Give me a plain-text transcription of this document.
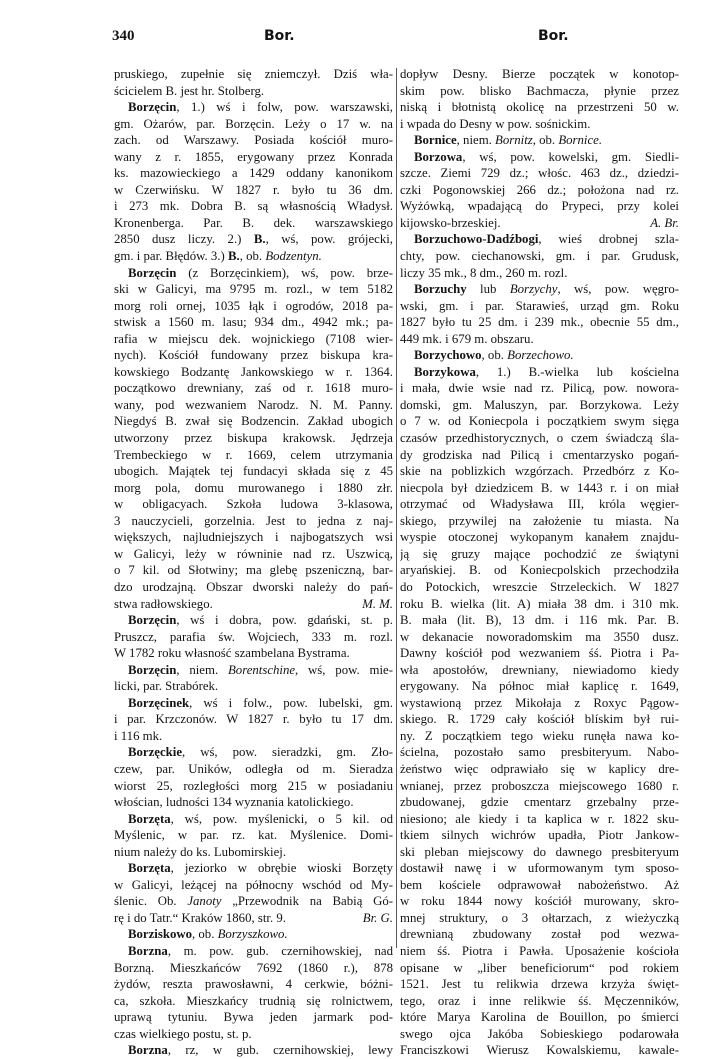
340	Bor.	Bor.
pruskiego, zupełnie się zniemczył. Dziś wła-
ścicielem B. jest hr. Stolberg.
Borzęcin, 1.) wś i folw, pow. warszawski,
gm. Ożarów, par. Borzęcin. Leży o 17 w. na
zach. od Warszawy. Posiada kościół muro-
wany z r. 1855, erygowany przez Konrada
ks. mazowieckiego a 1429 oddany kanonikom
w Czerwińsku. W 1827 r. było tu 36 dm.
i 273 mk. Dobra B. są własnością Władysł.
Kronenberga. Par. B. dek. warszawskiego
2850 dusz liczy. 2.) B., wś, pow. grójecki,
gm. i par. Błędów. 3.) B., ob. Bodzentyn.
Borzęcin (z Borzęcinkiem), wś, pow. brze-
ski w Galicyi, ma 9795 m. rozl., w tem 5182
morg roli ornej, 1035 łąk i ogrodów, 2018 pa-
stwisk a 1560 m. lasu; 934 dm., 4942 mk.; pa-
rafia w miejscu dek. wojnickiego (7108 wier-
nych). Kościół fundowany przez biskupa kra-
kowskiego Bodzantę Jankowskiego w r. 1364.
początkowo drewniany, zaś od r. 1618 muro-
wany, pod wezwaniem Narodz. N. M. Panny.
Niegdyś B. zwał się Bodzencin. Zakład ubogich
utworzony przez biskupa krakowsk. Jędrzeja
Trembeckiego w r. 1669, celem utrzymania
ubogich. Majątek tej fundacyi składa się z 45
morg pola, domu murowanego i 1880 złr.
w obligacyach. Szkoła ludowa 3-klasowa,
3 nauczycieli, gorzelnia. Jest to jedna z naj-
większych, najludniejszych i najbogatszych wsi
w Galicyi, leży w równinie nad rz. Uszwicą,
o 7 kil. od Słotwiny; ma glebę pszeniczną, bar-
dzo urodzajną. Obszar dworski należy do pań-
M. M.
stwa radłowskiego.
Borzęcin, wś i dobra, pow. gdański, st. p.
Pruszcz, parafia św. Wojciech, 333 m. rozl.
W 1782 roku własność szambelana Bystrama.
Borzęcin, niem. Borentschine, wś, pow. mie-
licki, par. Strabórek.
Borzęcinek, wś i folw., pow. lubelski, gm.
i par. Krzczonów. W 1827 r. było tu 17 dm.
i 116 mk.
Borzęckie, wś, pow. sieradzki, gm. Zło-
czew, par. Uników, odległa od m. Sieradza
wiorst 25, rozległości morg 215 w posiadaniu
włościan, ludności 134 wyznania katolickiego.
Borzęta, wś, pow. myślenicki, o 5 kil. od
Myślenic, w par. rz. kat. Myślenice. Domi-
nium należy do ks. Lubomirskiej.
Borzęta, jeziorko w obrębie wioski Borzęty
w Galicyi, leżącej na północny wschód od My-
ślenic. Ob. Janoty „Przewodnik na Babią Gó-
Br. G.
rę i do Tatr.“ Kraków 1860, str. 9.
Borziskowo, ob. Borzyszkowo.
Borzna, m. pow. gub. czernihowskiej, nad
Borzną. Mieszkańców 7692 (1860 r.), 878
żydów, reszta prawosławni, 4 cerkwie, bóżni-
ca, szkoła. Mieszkańcy trudnią się rolnictwem,
uprawą tytuniu. Bywa jeden jarmark pod-
czas wielkiego postu, st. p.
Borzna, rz, w gub. czernihowskiej, lewy
dopływ Desny. Bierze początek w konotop-
skim pow. blisko Bachmacza, płynie przez
niską i błotnistą okolicę na przestrzeni 50 w.
i wpada do Desny w pow. sośnickim.
Bornice, niem. Bornitz, ob. Bornice.
Borzowa, wś, pow. kowelski, gm. Siedli-
szcze. Ziemi 729 dz.; włośc. 463 dz., dziedzi-
czki Pogonowskiej 266 dz.; położona nad rz.
Wyżówką, wpadającą do Prypeci, przy kolei
A. Br.
kijowsko-brzeskiej.
Borzuchowo-Dadźbogi, wieś drobnej szla-
chty, pow. ciechanowski, gm. i par. Grudusk,
liczy 35 mk., 8 dm., 260 m. rozl.
Borzuchy lub Borzychy, wś, pow. węgro-
wski, gm. i par. Starawieś, urząd gm. Roku
1827 było tu 25 dm. i 239 mk., obecnie 55 dm.,
449 mk. i 679 m. obszaru.
Borzychowo, ob. Borzechowo.
Borzykowa, 1.) B.-wielka lub kościelna
i mała, dwie wsie nad rz. Pilicą, pow. nowora-
domski, gm. Maluszyn, par. Borzykowa. Leży
o 7 w. od Koniecpola i początkiem swym sięga
czasów przedhistorycznych, o czem świadczą śla-
dy grodziska nad Pilicą i cmentarzysko pogań-
skie na poblizkich wzgórzach. Przedbórz z Ko-
niecpola był dziedzicem B. w 1443 r. i on miał
otrzymać od Władysława III, króla węgier-
skiego, przywilej na założenie tu miasta. Na
wyspie otoczonej wykopanym kanałem znajdu-
ją się gruzy mające pochodzić ze świątyni
aryańskiej. B. od Koniecpolskich przechodziła
do Potockich, wreszcie Strzeleckich. W 1827
roku B. wielka (lit. A) miała 38 dm. i 310 mk.
B. mała (lit. B), 13 dm. i 116 mk. Par. B.
w dekanacie noworadomskim ma 3550 dusz.
Dawny kościół pod wezwaniem śś. Piotra i Pa-
wła apostołów, drewniany, niewiadomo kiedy
erygowany. Na północ miał kaplicę r. 1649,
wystawioną przez Mikołaja z Roxyc Pągow-
skiego. R. 1729 cały kościół blískim był rui-
ny. Z początkiem tego wieku runęła nawa ko-
ścielna, pozostało samo presbiteryum. Nabo-
żeństwo więc odprawiało się w kaplicy dre-
wnianej, przez proboszcza miejscowego 1680 r.
zbudowanej, gdzie cmentarz grzebalny prze-
niesiono; ale kiedy i ta kaplica w r. 1822 sku-
tkiem silnych wichrów upadła, Piotr Jankow-
ski pleban miejscowy do dawnego presbiteryum
dostawił nawę i w uformowanym tym sposo-
bem kościele odprawował nabożeństwo. Aż
w roku 1844 nowy kościół murowany, skro-
mnej struktury, o 3 ołtarzach, z wieżyczką
drewnianą zbudowany został pod wezwa-
niem śś. Piotra i Pawła. Uposażenie kościoła
opisane w „liber beneficiorum“ pod rokiem
1521. Jest tu relikwia drzewa krzyża święt-
tego, oraz i inne relikwie śś. Męczenników,
które Marya Karolina de Bouillon, po śmierci
swego ojca Jakóba Sobieskiego podarowała
Franciszkowi Wierusz Kowalskiemu, kawale-
